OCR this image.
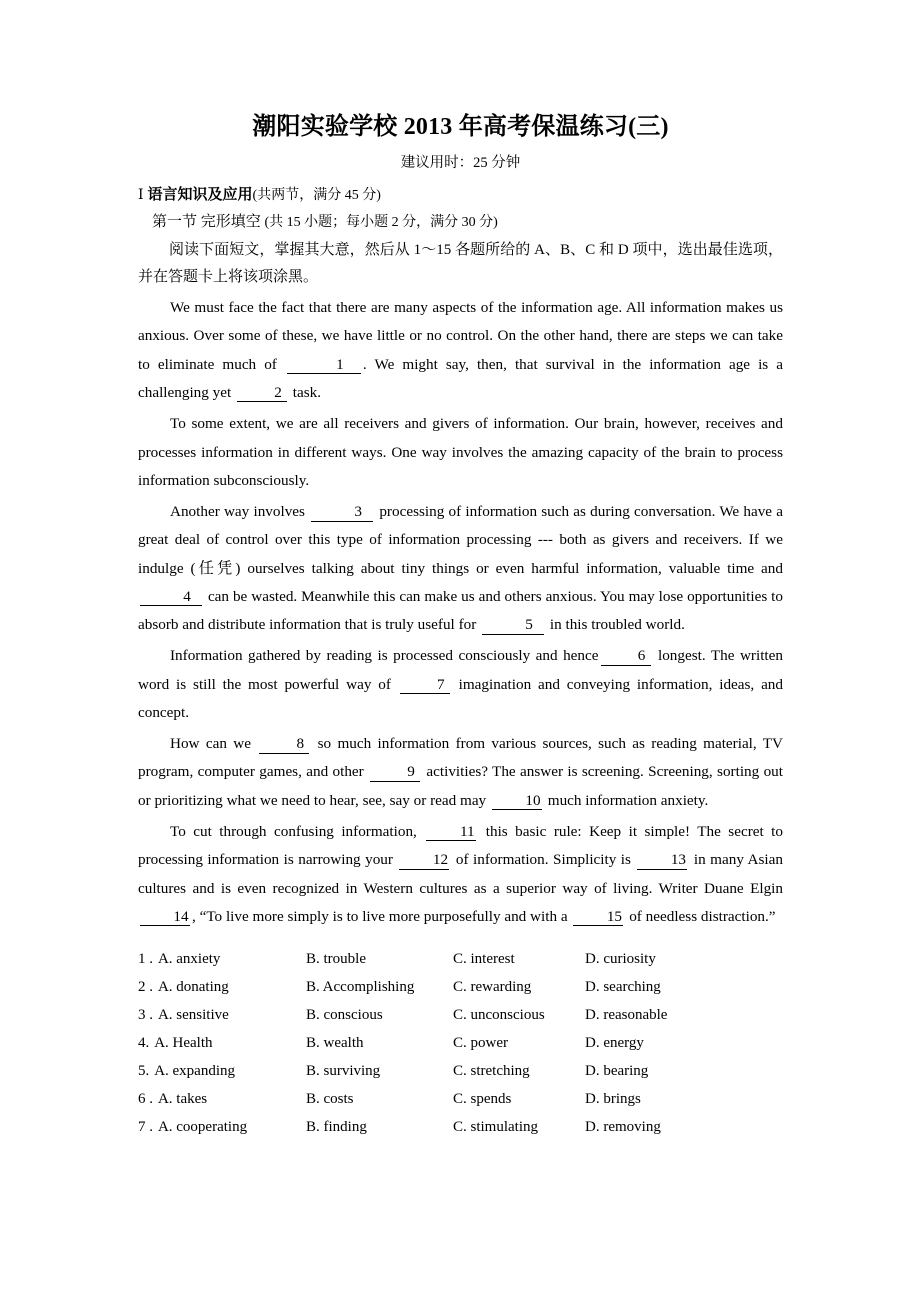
潮阳实验学校 2013 年高考保温练习(三)
建议用时：25 分钟
Ⅰ 语言知识及应用(共两节，满分 45 分)
第一节 完形填空 (共 15 小题；每小题 2 分，满分 30 分)

阅读下面短文，掌握其大意，然后从 1～15 各题所给的 A、B、C 和 D 项中，选出最佳选项，并在答题卡上将该项涂黑。

We must face the fact that there are many aspects of the information age. All information makes us anxious. Over some of these, we have little or no control. On the other hand, there are steps we can take to eliminate much of	1 . We might say, then, that survival in the information age is a challenging yet	2 task.

To some extent, we are all receivers and givers of information. Our brain, however, receives and processes information in different ways. One way involves the amazing capacity of the brain to process information subconsciously.

Another way involves	3 processing of information such as during conversation. We have a great deal of control over this type of information processing --- both as givers and receivers. If we indulge (任凭) ourselves talking about tiny things or even harmful information, valuable time and 4 can be wasted. Meanwhile this can make us and others anxious. You may lose opportunities to absorb and distribute information that is truly useful for	5 in this troubled world.

Information gathered by reading is processed consciously and hence	6 longest. The written word is still the most powerful way of	7 imagination and conveying information, ideas, and concept.

How can we	8 so much information from various sources, such as reading material, TV program, computer games, and other	9 activities? The answer is screening. Screening, sorting out or prioritizing what we need to hear, see, say or read may 10 much information anxiety.

To cut through confusing information, 11 this basic rule: Keep it simple! The secret to processing information is narrowing your 12 of information. Simplicity is 13 in many Asian cultures and is even recognized in Western cultures as a superior way of living. Writer Duane Elgin 14 , “To live more simply is to live more purposefully and with a 15 of needless distraction.”

1 . A. anxiety	B. trouble	C. interest	D. curiosity
2 . A. donating	B. Accomplishing	C. rewarding	D. searching
3 . A. sensitive	B. conscious	C. unconscious	D. reasonable
4. A. Health	B. wealth	C. power	D. energy
5. A. expanding	B. surviving	C. stretching	D. bearing
6 . A. takes	B. costs	C. spends	D. brings
7 . A. cooperating	B. finding	C. stimulating	D. removing
